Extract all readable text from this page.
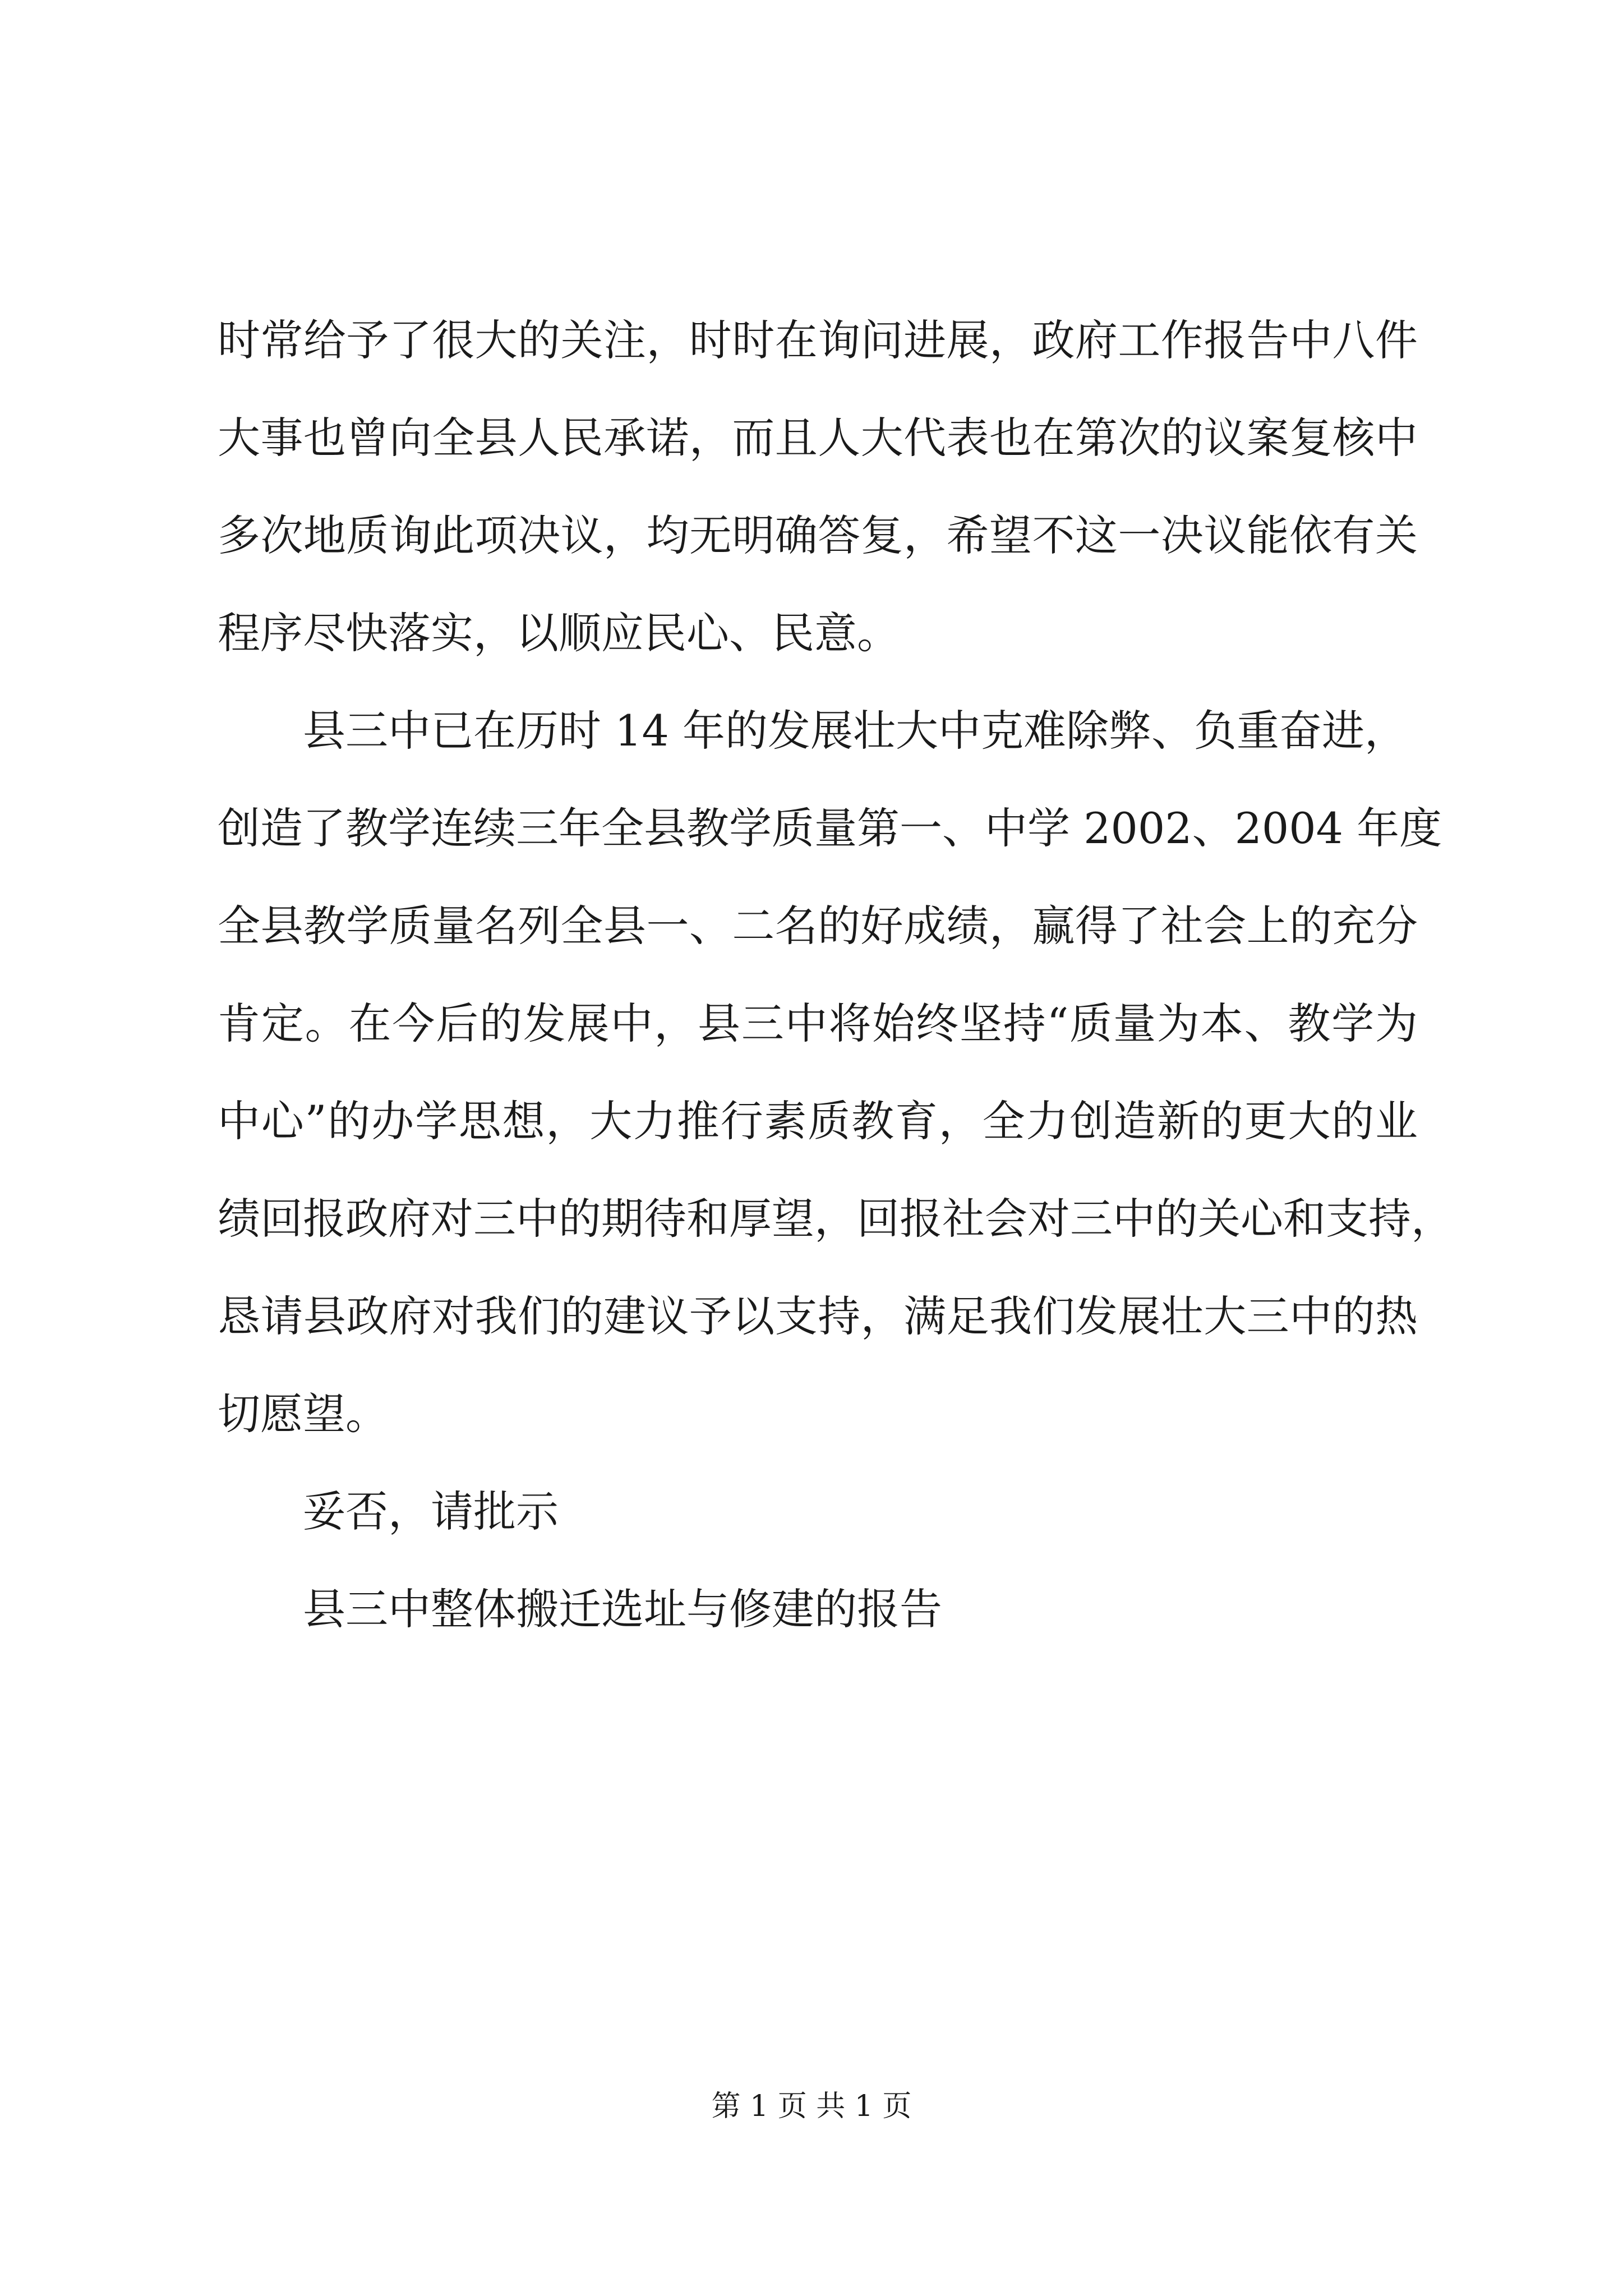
时常给予了很大的关注，时时在询问进展，政府工作报告中八件
大事也曾向全县人民承诺，而且人大代表也在第次的议案复核中
多次地质询此项决议，均无明确答复，希望不这一决议能依有关
程序尽快落实，以顺应民心、民意。

县三中已在历时 14 年的发展壮大中克难除弊、负重奋进，
创造了教学连续三年全县教学质量第一、中学 2002、2004 年度
全县教学质量名列全县一、二名的好成绩，赢得了社会上的充分
肯定。在今后的发展中，县三中将始终坚持“质量为本、教学为
中心”的办学思想，大力推行素质教育，全力创造新的更大的业
绩回报政府对三中的期待和厚望，回报社会对三中的关心和支持，
恳请县政府对我们的建议予以支持，满足我们发展壮大三中的热
切愿望。

妥否，请批示
县三中整体搬迁选址与修建的报告
第 1 页 共 1 页
